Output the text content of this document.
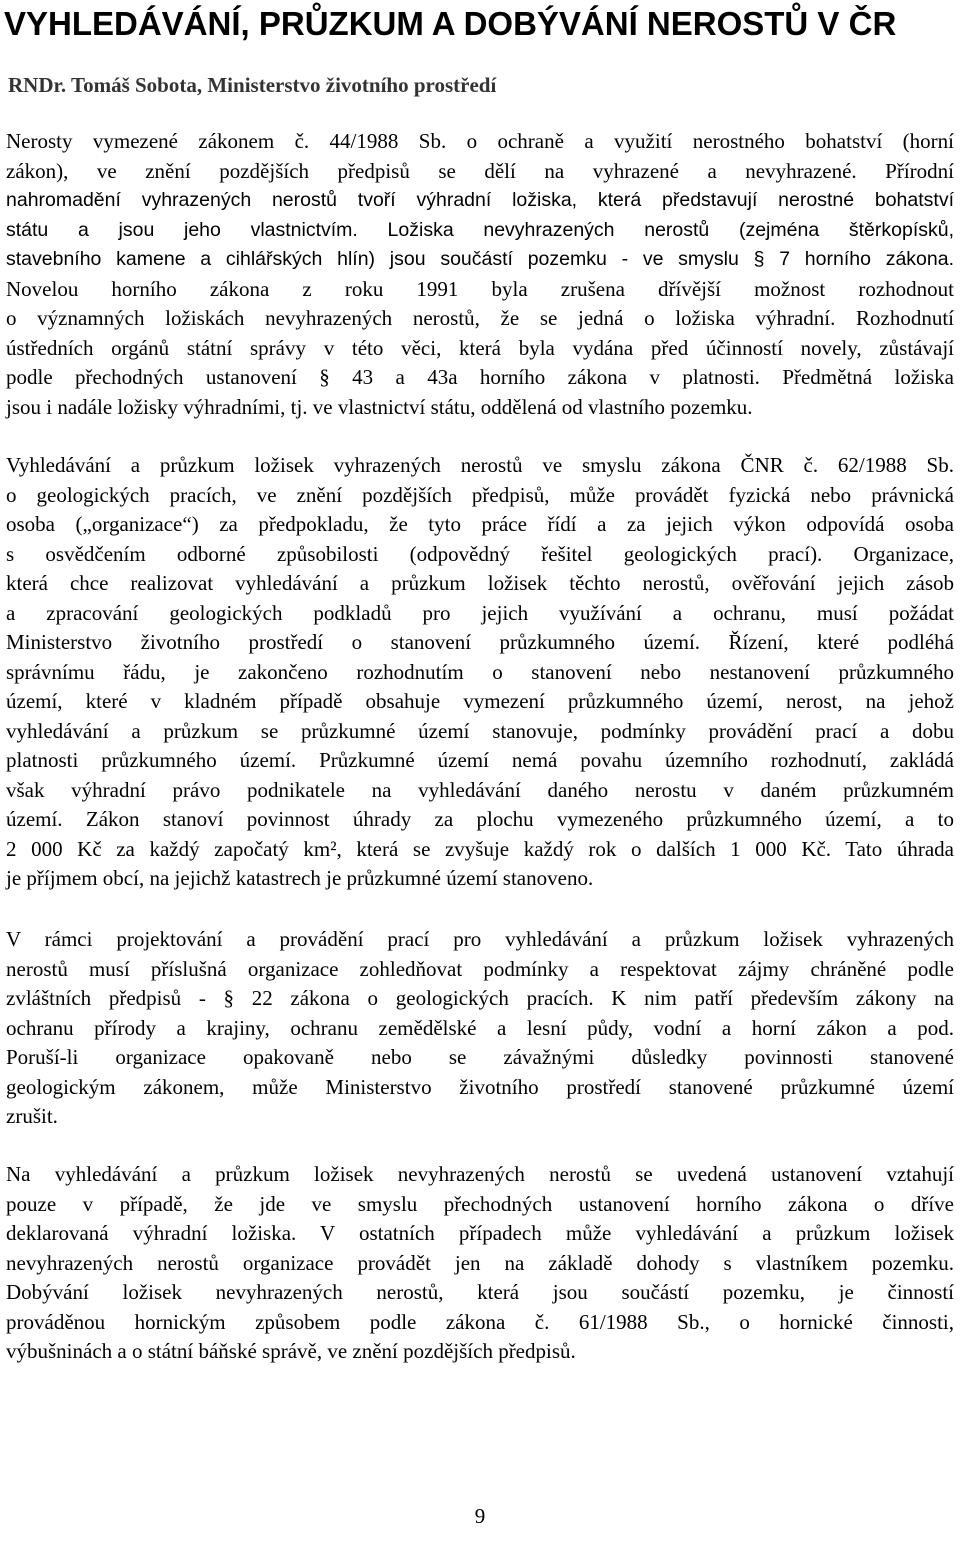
VYHLEDÁVÁNÍ, PRŮZKUM A DOBÝVÁNÍ NEROSTŮ V ČR
RNDr. Tomáš Sobota, Ministerstvo životního prostředí
Nerosty vymezené zákonem č. 44/1988 Sb. o ochraně a využití nerostného bohatství (horní
zákon), ve znění pozdějších předpisů se dělí na vyhrazené a nevyhrazené. Přírodní
nahromadění vyhrazených nerostů tvoří výhradní ložiska, která představují nerostné bohatství
státu a jsou jeho vlastnictvím. Ložiska nevyhrazených nerostů (zejména štěrkopísků,
stavebního kamene a cihlářských hlín) jsou součástí pozemku - ve smyslu § 7 horního zákona.
Novelou horního zákona z roku 1991 byla zrušena dřívější možnost rozhodnout
o významných ložiskách nevyhrazených nerostů, že se jedná o ložiska výhradní. Rozhodnutí
ústředních orgánů státní správy v této věci, která byla vydána před účinností novely, zůstávají
podle přechodných ustanovení § 43 a 43a horního zákona v platnosti. Předmětná ložiska
jsou i nadále ložisky výhradními, tj. ve vlastnictví státu, oddělená od vlastního pozemku.
Vyhledávání a průzkum ložisek vyhrazených nerostů ve smyslu zákona ČNR č. 62/1988 Sb.
o geologických pracích, ve znění pozdějších předpisů, může provádět fyzická nebo právnická
osoba („organizace“) za předpokladu, že tyto práce řídí a za jejich výkon odpovídá osoba
s osvědčením odborné způsobilosti (odpovědný řešitel geologických prací). Organizace,
která chce realizovat vyhledávání a průzkum ložisek těchto nerostů, ověřování jejich zásob
a zpracování geologických podkladů pro jejich využívání a ochranu, musí požádat
Ministerstvo životního prostředí o stanovení průzkumného území. Řízení, které podléhá
správnímu řádu, je zakončeno rozhodnutím o stanovení nebo nestanovení průzkumného
území, které v kladném případě obsahuje vymezení průzkumného území, nerost, na jehož
vyhledávání a průzkum se průzkumné území stanovuje, podmínky provádění prací a dobu
platnosti průzkumného území. Průzkumné území nemá povahu územního rozhodnutí, zakládá
však výhradní právo podnikatele na vyhledávání daného nerostu v daném průzkumném
území. Zákon stanoví povinnost úhrady za plochu vymezeného průzkumného území, a to
2 000 Kč za každý započatý km², která se zvyšuje každý rok o dalších 1 000 Kč. Tato úhrada
je příjmem obcí, na jejichž katastrech je průzkumné území stanoveno.
V rámci projektování a provádění prací pro vyhledávání a průzkum ložisek vyhrazených
nerostů musí příslušná organizace zohledňovat podmínky a respektovat zájmy chráněné podle
zvláštních předpisů - § 22 zákona o geologických pracích. K nim patří především zákony na
ochranu přírody a krajiny, ochranu zemědělské a lesní půdy, vodní a horní zákon a pod.
Poruší-li organizace opakovaně nebo se závažnými důsledky povinnosti stanovené
geologickým zákonem, může Ministerstvo životního prostředí stanovené průzkumné území
zrušit.
Na vyhledávání a průzkum ložisek nevyhrazených nerostů se uvedená ustanovení vztahují
pouze v případě, že jde ve smyslu přechodných ustanovení horního zákona o dříve
deklarovaná výhradní ložiska. V ostatních případech může vyhledávání a průzkum ložisek
nevyhrazených nerostů organizace provádět jen na základě dohody s vlastníkem pozemku.
Dobývání ložisek nevyhrazených nerostů, která jsou součástí pozemku, je činností
prováděnou hornickým způsobem podle zákona č. 61/1988 Sb., o hornické činnosti,
výbušninách a o státní báňské správě, ve znění pozdějších předpisů.
9
